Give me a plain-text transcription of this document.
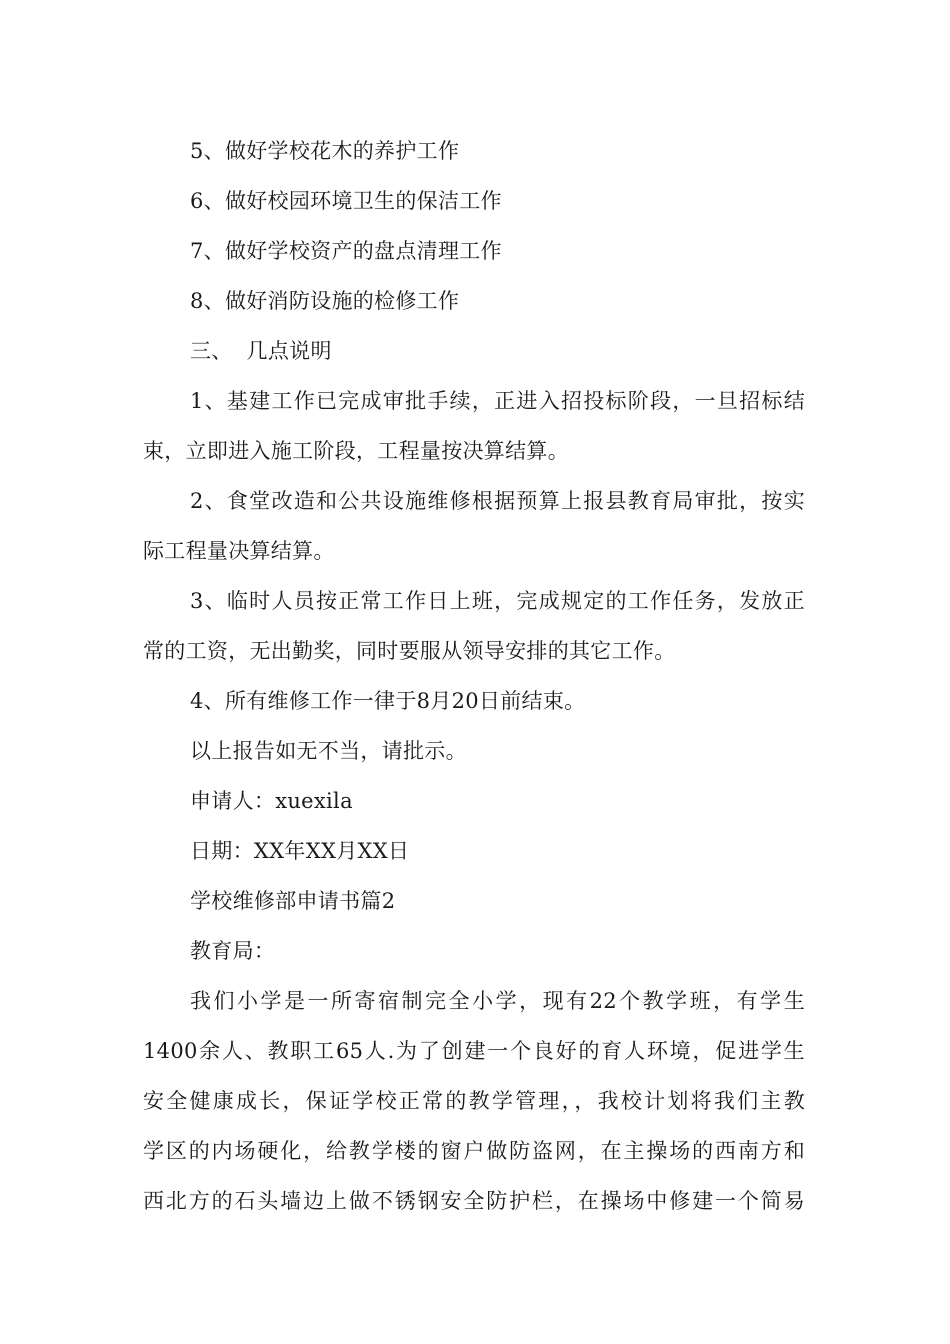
5、做好学校花木的养护工作
6、做好校园环境卫生的保洁工作
7、做好学校资产的盘点清理工作
8、做好消防设施的检修工作
三、  几点说明
1、基建工作已完成审批手续，正进入招投标阶段，一旦招标结
束，立即进入施工阶段，工程量按决算结算。
2、食堂改造和公共设施维修根据预算上报县教育局审批，按实
际工程量决算结算。
3、临时人员按正常工作日上班，完成规定的工作任务，发放正
常的工资，无出勤奖，同时要服从领导安排的其它工作。
4、所有维修工作一律于8月20日前结束。
以上报告如无不当，请批示。
申请人：xuexila
日期：XX年XX月XX日
学校维修部申请书篇2
教育局：
我们小学是一所寄宿制完全小学，现有22个教学班，有学生
1400余人、教职工65人.为了创建一个良好的育人环境，促进学生
安全健康成长，保证学校正常的教学管理，，我校计划将我们主教
学区的内场硬化，给教学楼的窗户做防盗网，在主操场的西南方和
西北方的石头墙边上做不锈钢安全防护栏，在操场中修建一个简易
